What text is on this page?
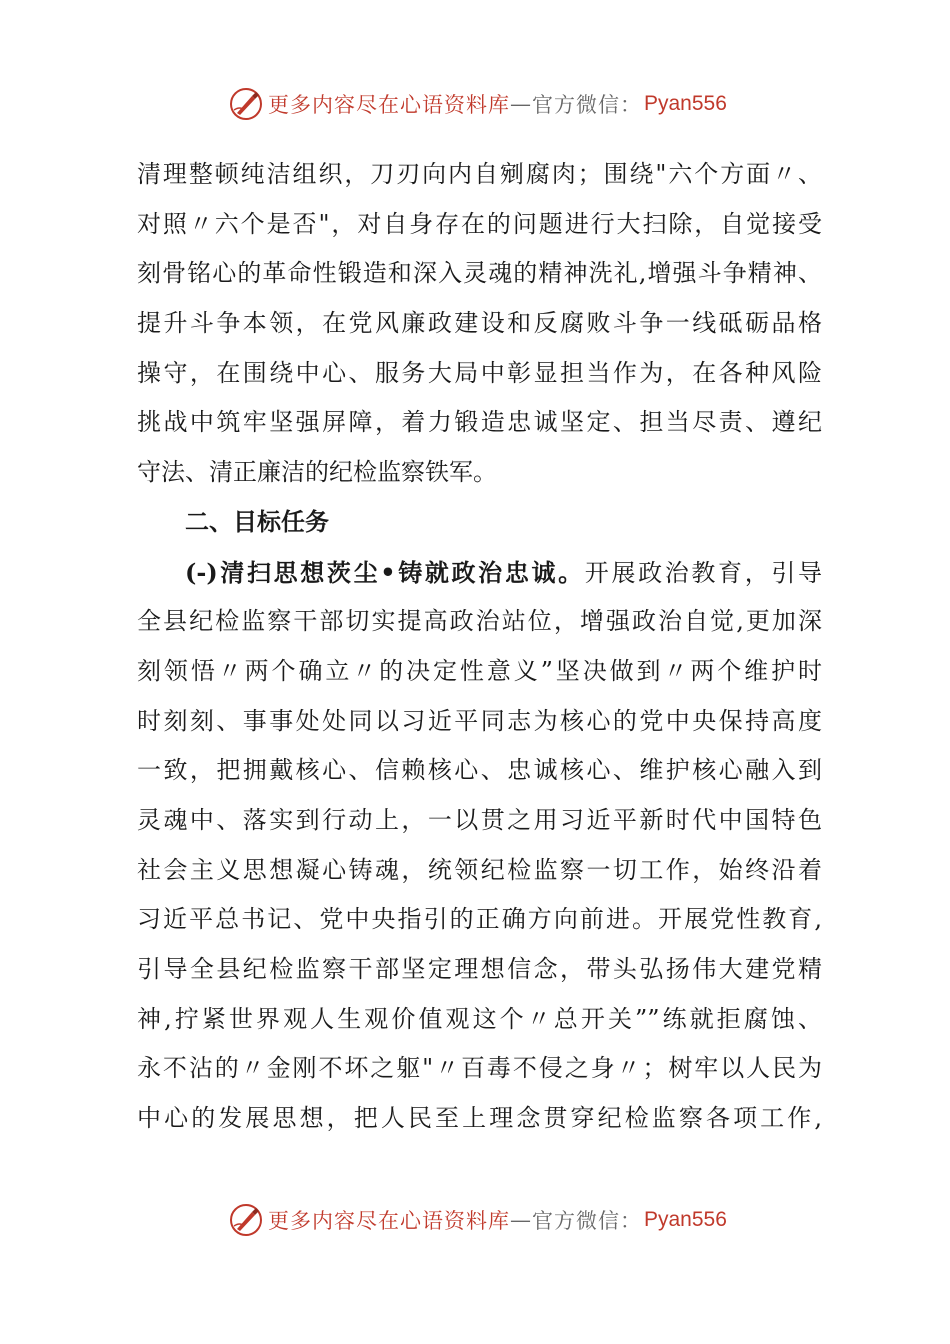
更多内容尽在心语资料库 — 官方微信： Pyan556
清理整顿纯洁组织，刀刃向内自剜腐肉；围绕"六个方面〃、
对照〃六个是否"，对自身存在的问题进行大扫除，自觉接受
刻骨铭心的革命性锻造和深入灵魂的精神洗礼,增强斗争精神、
提升斗争本领，在党风廉政建设和反腐败斗争一线砥砺品格
操守，在围绕中心、服务大局中彰显担当作为，在各种风险
挑战中筑牢坚强屏障，着力锻造忠诚坚定、担当尽责、遵纪
守法、清正廉洁的纪检监察铁军。
二、目标任务
(-)清扫思想茨尘•铸就政治忠诚。开展政治教育，引导
全县纪检监察干部切实提高政治站位，增强政治自觉,更加深
刻领悟〃两个确立〃的决定性意义”坚决做到〃两个维护时
时刻刻、事事处处同以习近平同志为核心的党中央保持高度
一致，把拥戴核心、信赖核心、忠诚核心、维护核心融入到
灵魂中、落实到行动上，一以贯之用习近平新时代中国特色
社会主义思想凝心铸魂，统领纪检监察一切工作，始终沿着
习近平总书记、党中央指引的正确方向前进。开展党性教育,
引导全县纪检监察干部坚定理想信念，带头弘扬伟大建党精
神,拧紧世界观人生观价值观这个〃总开关””练就拒腐蚀、
永不沾的〃金刚不坏之躯"〃百毒不侵之身〃；树牢以人民为
中心的发展思想，把人民至上理念贯穿纪检监察各项工作,
更多内容尽在心语资料库 — 官方微信： Pyan556
